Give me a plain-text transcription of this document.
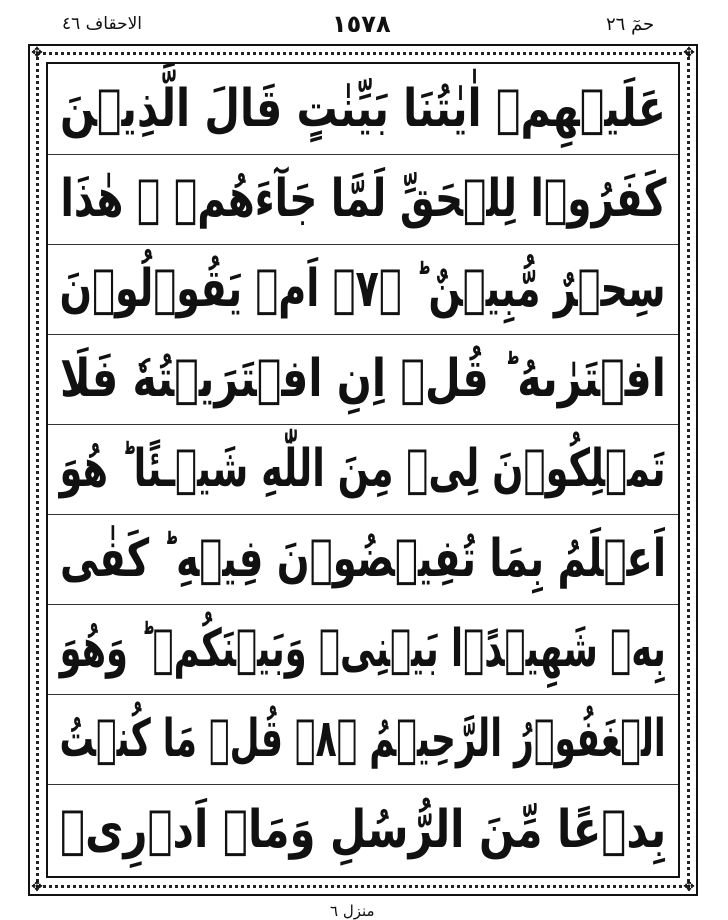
الاحقاف ٤٦	١٥٧٨	حمٓ ٢٦
✥	✥
✥	✥
عَلَيۡهِمۡ اٰيٰتُنَا بَيِّنٰتٍ قَالَ الَّذِيۡنَ
كَفَرُوۡا لِلۡحَقِّ لَمَّا جَآءَهُمۡ ۙ هٰذَا
سِحۡرٌ مُّبِيۡنٌ ؕ ﴿۷﴾ اَمۡ يَقُوۡلُوۡنَ
افۡتَرٰىهُ ؕ قُلۡ اِنِ افۡتَرَيۡتُهٗ فَلَا
تَمۡلِكُوۡنَ لِىۡ مِنَ اللّٰهِ شَيۡـئًا ؕ هُوَ
اَعۡلَمُ بِمَا تُفِيۡضُوۡنَ فِيۡهِ ؕ كَفٰى
بِهٖ شَهِيۡدًۢا بَيۡنِىۡ وَبَيۡنَكُمۡ ؕ وَهُوَ
الۡغَفُوۡرُ الرَّحِيۡمُ ﴿۸﴾ قُلۡ مَا كُنۡتُ
بِدۡعًا مِّنَ الرُّسُلِ وَمَاۤ اَدۡرِىۡ
منزل ٦
